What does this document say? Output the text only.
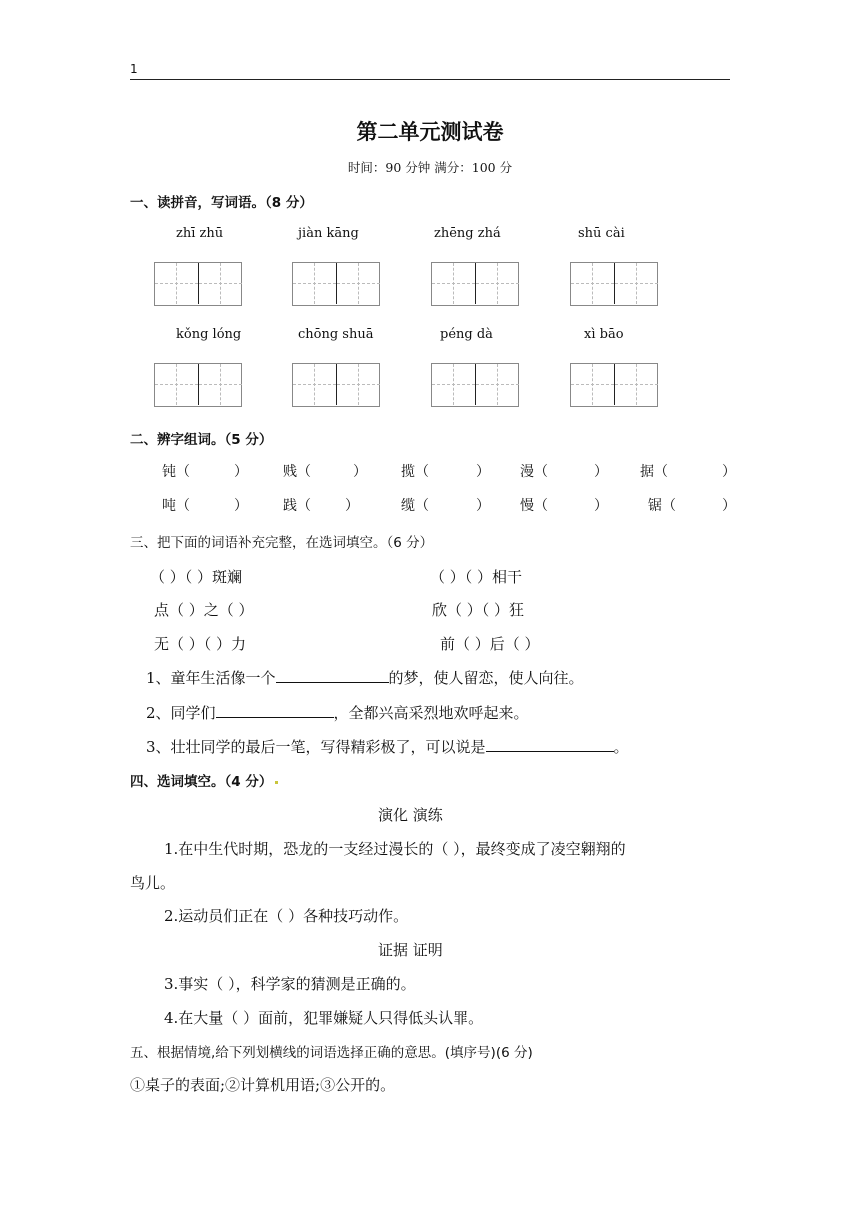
1
第二单元测试卷
时间：90 分钟 满分：100 分
一、读拼音，写词语。（8 分）
zhī zhū	jiàn kāng	zhēng zhá	shū cài
kǒng lóng	chōng shuā	péng dà	xì bāo
二、辨字组词。（5 分）
钝（	）	贱（	） 揽（	） 漫（	） 据（	）
吨（	）	践（ ）	缆（	） 慢（	）	锯（	）
三、把下面的词语补充完整，在选词填空。（6 分）
（ ）（ ）斑斓	（ ）（ ）相干
点（ ）之（ ）	欣（ ）（ ）狂
无（ ）（ ）力	前（ ）后（ ）
1、童年生活像一个	的梦，使人留恋，使人向往。
2、同学们	，全都兴高采烈地欢呼起来。
3、壮壮同学的最后一笔，写得精彩极了，可以说是	。
四、选词填空。（4 分）
演化 演练
1.在中生代时期，恐龙的一支经过漫长的（ ），最终变成了凌空翱翔的
鸟儿。
2.运动员们正在（ ）各种技巧动作。
证据 证明
3.事实（ ），科学家的猜测是正确的。
4.在大量（ ）面前，犯罪嫌疑人只得低头认罪。
五、根据情境,给下列划横线的词语选择正确的意思。(填序号)(6 分)
①桌子的表面;②计算机用语;③公开的。
